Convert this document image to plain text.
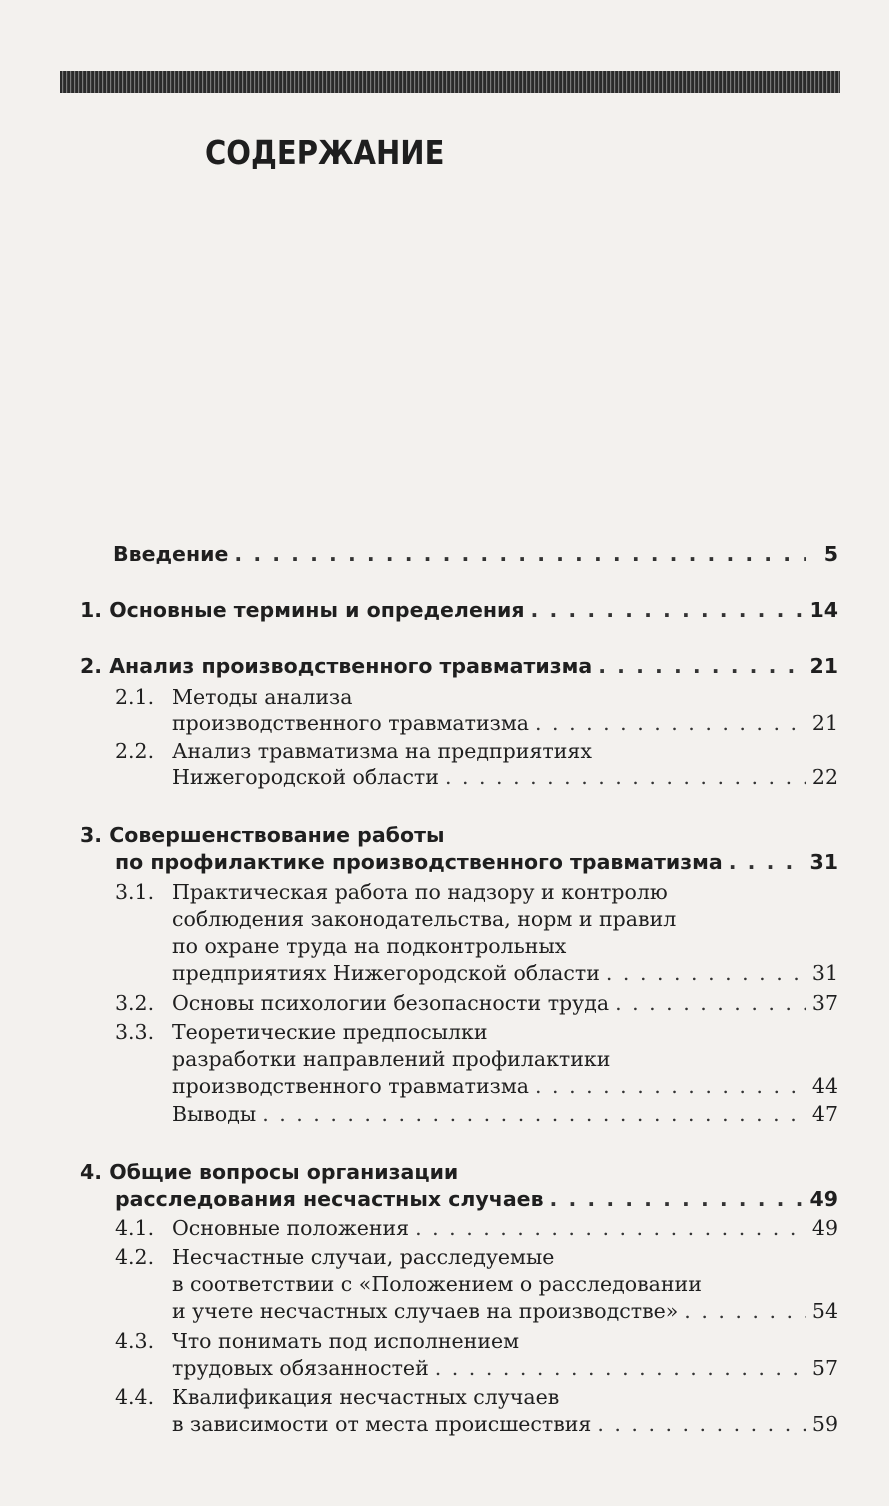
СОДЕРЖАНИЕ
Введение . . .	5
1. Основные термины и определения . . .	14
2. Анализ производственного травматизма . . .	21
2.1. Методы анализа
производственного травматизма . . .	21
2.2. Анализ травматизма на предприятиях
Нижегородской области . . .	22
3. Совершенствование работы
по профилактике производственного травматизма . . .	31
3.1. Практическая работа по надзору и контролю
соблюдения законодательства, норм и правил
по охране труда на подконтрольных
предприятиях Нижегородской области . . .	31
3.2. Основы психологии безопасности труда . . .	37
3.3. Теоретические предпосылки
разработки направлений профилактики
производственного травматизма . . .	44
Выводы . . .	47
4. Общие вопросы организации
расследования несчастных случаев . . .	49
4.1. Основные положения . . .	49
4.2. Несчастные случаи, расследуемые
в соответствии с «Положением о расследовании
и учете несчастных случаев на производстве» . . .	54
4.3. Что понимать под исполнением
трудовых обязанностей . . .	57
4.4. Квалификация несчастных случаев
в зависимости от места происшествия . . .	59
